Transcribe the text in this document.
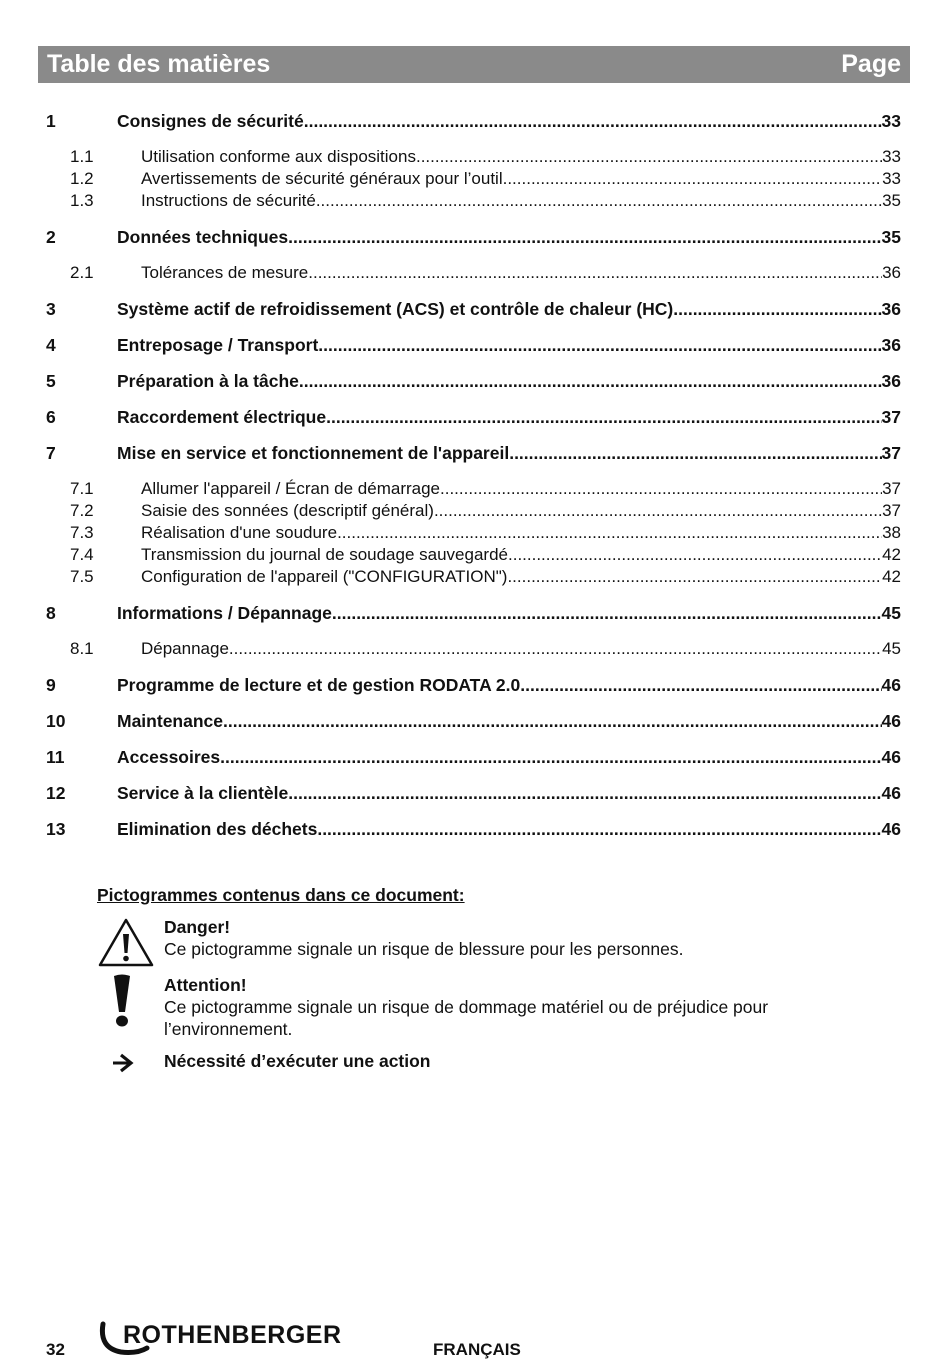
Table des matières	Page
1	Consignes de sécurité .....	33
1.1	Utilisation conforme aux dispositions .....	33
1.2	Avertissements de sécurité généraux pour l’outil .....	33
1.3	Instructions de sécurité .....	35
2	Données techniques .....	35
2.1	Tolérances de mesure .....	36
3	Système actif de refroidissement (ACS) et contrôle de chaleur (HC) .....	36
4	Entreposage / Transport .....	36
5	Préparation à la tâche .....	36
6	Raccordement électrique .....	37
7	Mise en service et fonctionnement de l'appareil .....	37
7.1	Allumer l'appareil / Écran de démarrage .....	37
7.2	Saisie des sonnées (descriptif général) .....	37
7.3	Réalisation d'une soudure .....	38
7.4	Transmission du journal de soudage sauvegardé .....	42
7.5	Configuration de l'appareil ("CONFIGURATION") .....	42
8	Informations / Dépannage .....	45
8.1	Dépannage .....	45
9	Programme de lecture et de gestion RODATA 2.0 .....	46
10	Maintenance .....	46
11	Accessoires .....	46
12	Service à la clientèle .....	46
13	Elimination des déchets .....	46
Pictogrammes contenus dans ce document:
Danger!
Ce pictogramme signale un risque de blessure pour les personnes.
Attention!
Ce pictogramme signale un risque de dommage matériel ou de préjudice pour l’environnement.
Nécessité d’exécuter une action
32
ROTHENBERGER
FRANÇAIS
